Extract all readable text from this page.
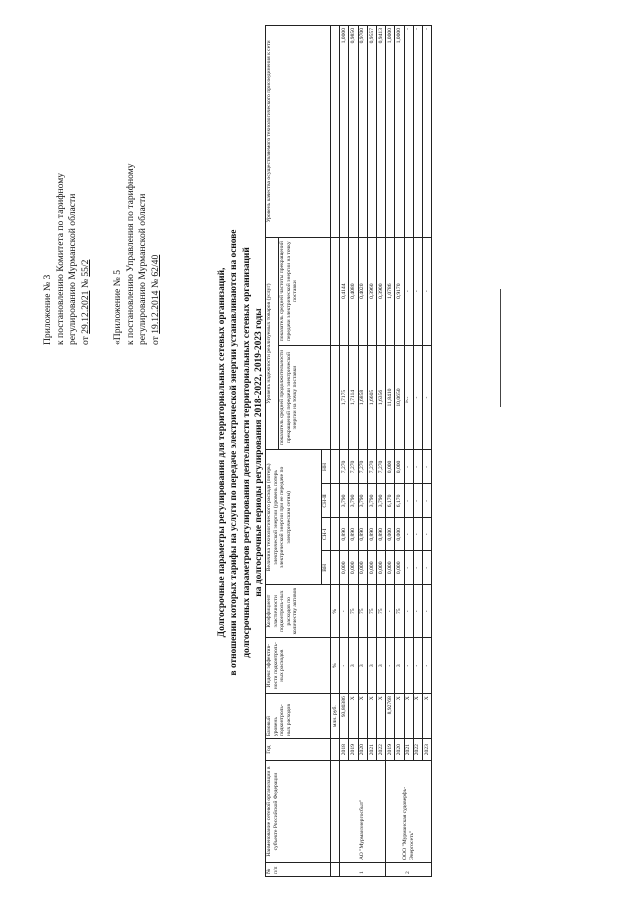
Приложение № 3 к постановлению Комитета по тарифному регулированию Мурманской области от 29.12.2021 № 55/2
«Приложение № 5 к постановлению Управления по тарифному регулированию Мурманской области от 19.12.2014 № 62/40
Долгосрочные параметры регулирования для территориальных сетевых организаций, в отношении которых тарифы на услуги по передаче электрической энергии устанавливаются на основе долгосрочных параметров регулирования деятельности территориальных сетевых организаций на долгосрочные периоды регулирования 2018-2022, 2019-2023 годы
№ п/п	Наименование сетевой организации в субъекте Российской Федерации	Год	Базовый уровень подконтроль-ных расходов	Индекс эффектив-ности подконтроль-ных расходов	Коэффициент эластичности подконтроль-ных расходов по количеству активов	Величина технологического расхода (потерь) электрической энергии (уровень потерь электрической энергии при ее передаче по электрическим сетям)				Уровень надежности реализуемых товаров (услуг)		Уровень качества осуществляемого технологического присоединения к сети
										показатель средней продолжительности прекращений передачи электрической энергии на точку поставки	показатель средней частоты прекращений передачи электрической энергии на точку поставки	
						ВН	СН-I	СН-II	НН			
			млн. руб.	%	%							
1	АО "Мурманэнергосбыт"	2018	93,80386	-	-	0,000	0,890	3,790	7,270	1,7175	0,4144	1,0000
		2019	X	3	75	0,000	0,890	3,790	7,270	1,7114	0,4080	0,9850
		2020	X	3	75	0,000	0,890	3,790	7,270	1,6858	0,4020	0,9700
		2021	X	3	75	0,000	0,890	3,790	7,270	1,6605	0,3960	0,9557
		2022	X	3	75	0,000	0,890	3,790	7,270	1,6356	0,3900	0,9413
2	ООО "Мурманская судоверфь-Энергосеть"	2019	8,92768	-	-	0,000	0,000	6,170	0,000	11,8410	1,0786	1,0000
		2020	X	3	75	0,000	0,000	6,170	0,000	10,0650	0,9170	1,0000
		2021	X	-	-	-	-	-	-	-	-	-
		2022	X	-	-	-	-	-	-	-	-	-
		2023	X	-	-	-	-	-	-	-	-	-
».
